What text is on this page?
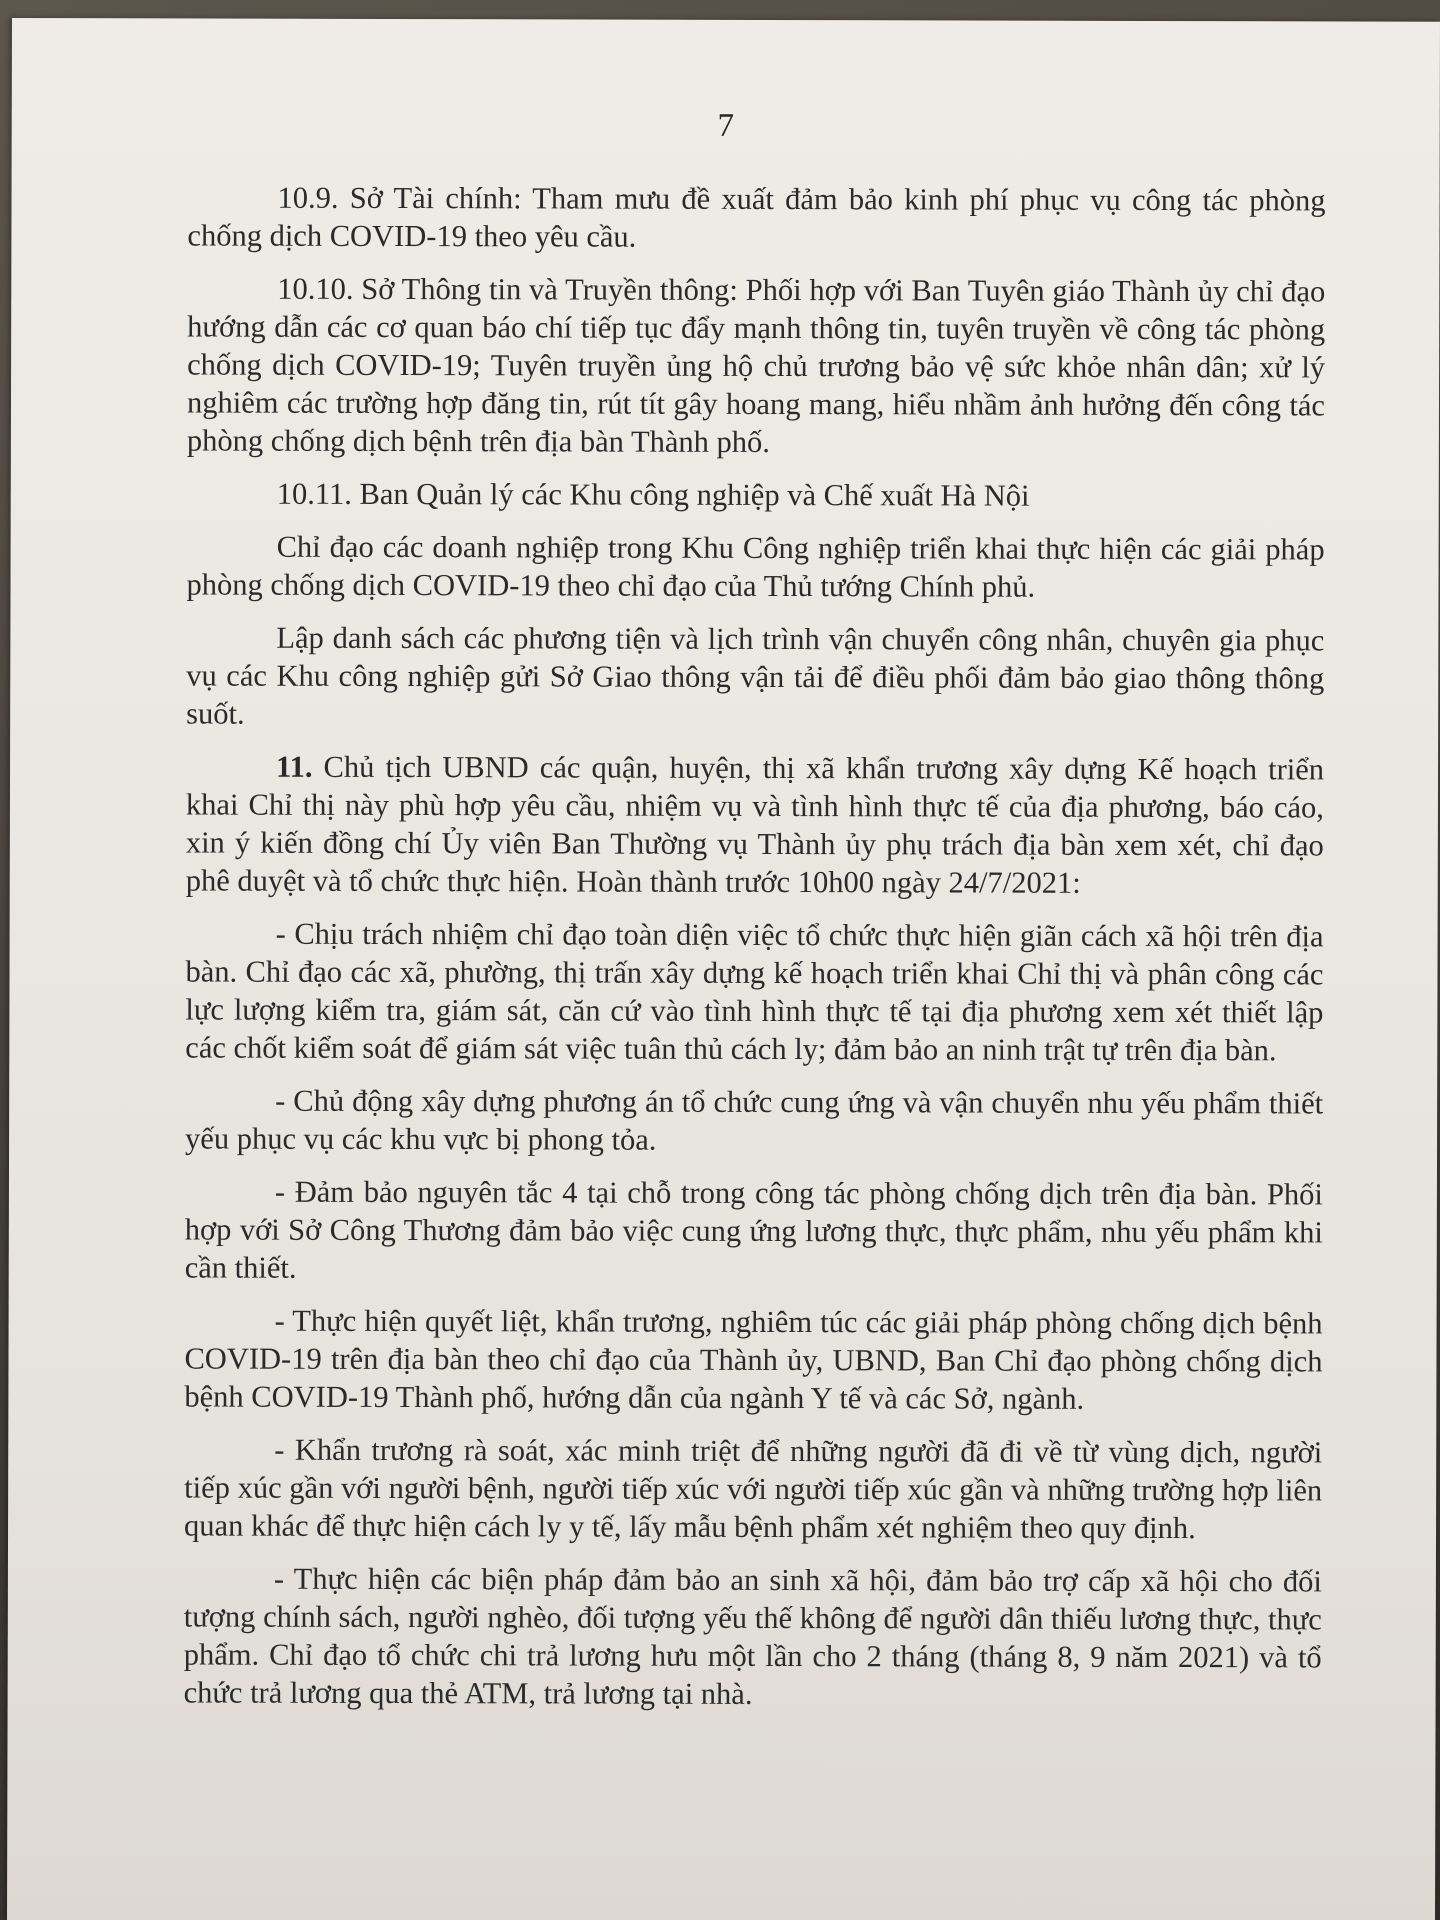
7

10.9. Sở Tài chính: Tham mưu đề xuất đảm bảo kinh phí phục vụ công tác phòng chống dịch COVID-19 theo yêu cầu.

10.10. Sở Thông tin và Truyền thông: Phối hợp với Ban Tuyên giáo Thành ủy chỉ đạo hướng dẫn các cơ quan báo chí tiếp tục đẩy mạnh thông tin, tuyên truyền về công tác phòng chống dịch COVID-19; Tuyên truyền ủng hộ chủ trương bảo vệ sức khỏe nhân dân; xử lý nghiêm các trường hợp đăng tin, rút tít gây hoang mang, hiểu nhầm ảnh hưởng đến công tác phòng chống dịch bệnh trên địa bàn Thành phố.

10.11. Ban Quản lý các Khu công nghiệp và Chế xuất Hà Nội

Chỉ đạo các doanh nghiệp trong Khu Công nghiệp triển khai thực hiện các giải pháp phòng chống dịch COVID-19 theo chỉ đạo của Thủ tướng Chính phủ.

Lập danh sách các phương tiện và lịch trình vận chuyển công nhân, chuyên gia phục vụ các Khu công nghiệp gửi Sở Giao thông vận tải để điều phối đảm bảo giao thông thông suốt.

11. Chủ tịch UBND các quận, huyện, thị xã khẩn trương xây dựng Kế hoạch triển khai Chỉ thị này phù hợp yêu cầu, nhiệm vụ và tình hình thực tế của địa phương, báo cáo, xin ý kiến đồng chí Ủy viên Ban Thường vụ Thành ủy phụ trách địa bàn xem xét, chỉ đạo phê duyệt và tổ chức thực hiện. Hoàn thành trước 10h00 ngày 24/7/2021:

- Chịu trách nhiệm chỉ đạo toàn diện việc tổ chức thực hiện giãn cách xã hội trên địa bàn. Chỉ đạo các xã, phường, thị trấn xây dựng kế hoạch triển khai Chỉ thị và phân công các lực lượng kiểm tra, giám sát, căn cứ vào tình hình thực tế tại địa phương xem xét thiết lập các chốt kiểm soát để giám sát việc tuân thủ cách ly; đảm bảo an ninh trật tự trên địa bàn.

- Chủ động xây dựng phương án tổ chức cung ứng và vận chuyển nhu yếu phẩm thiết yếu phục vụ các khu vực bị phong tỏa.

- Đảm bảo nguyên tắc 4 tại chỗ trong công tác phòng chống dịch trên địa bàn. Phối hợp với Sở Công Thương đảm bảo việc cung ứng lương thực, thực phẩm, nhu yếu phẩm khi cần thiết.

- Thực hiện quyết liệt, khẩn trương, nghiêm túc các giải pháp phòng chống dịch bệnh COVID-19 trên địa bàn theo chỉ đạo của Thành ủy, UBND, Ban Chỉ đạo phòng chống dịch bệnh COVID-19 Thành phố, hướng dẫn của ngành Y tế và các Sở, ngành.

- Khẩn trương rà soát, xác minh triệt để những người đã đi về từ vùng dịch, người tiếp xúc gần với người bệnh, người tiếp xúc với người tiếp xúc gần và những trường hợp liên quan khác để thực hiện cách ly y tế, lấy mẫu bệnh phẩm xét nghiệm theo quy định.

- Thực hiện các biện pháp đảm bảo an sinh xã hội, đảm bảo trợ cấp xã hội cho đối tượng chính sách, người nghèo, đối tượng yếu thế không để người dân thiếu lương thực, thực phẩm. Chỉ đạo tổ chức chi trả lương hưu một lần cho 2 tháng (tháng 8, 9 năm 2021) và tổ chức trả lương qua thẻ ATM, trả lương tại nhà.
